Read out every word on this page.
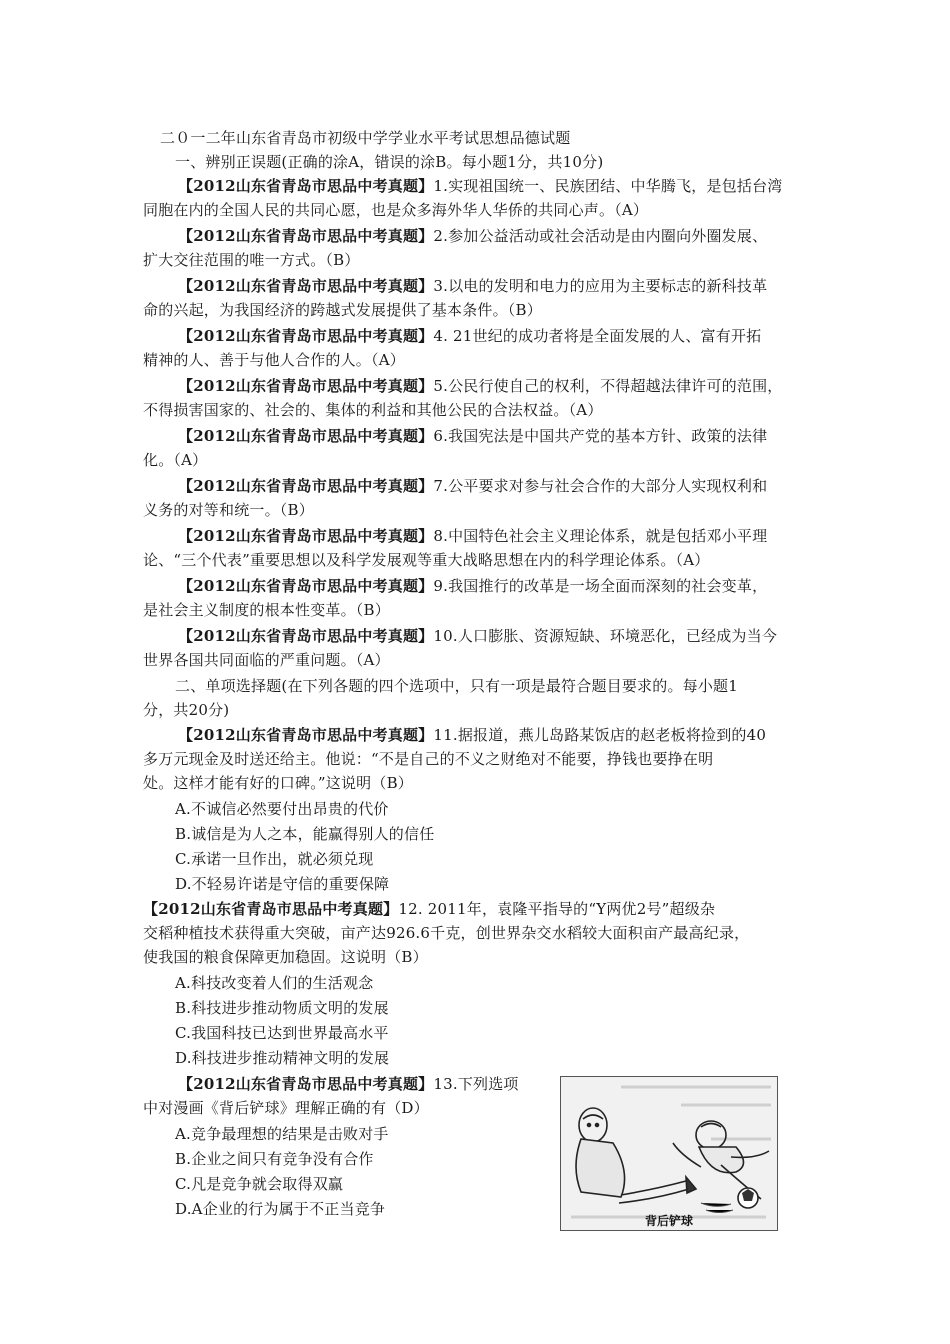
二０一二年山东省青岛市初级中学学业水平考试思想品德试题
一、辨别正误题(正确的涂A，错误的涂B。每小题1分，共10分)
【2012山东省青岛市思品中考真题】1.实现祖国统一、民族团结、中华腾飞，是包括台湾
同胞在内的全国人民的共同心愿，也是众多海外华人华侨的共同心声。（A）
【2012山东省青岛市思品中考真题】2.参加公益活动或社会活动是由内圈向外圈发展、
扩大交往范围的唯一方式。（B）
【2012山东省青岛市思品中考真题】3.以电的发明和电力的应用为主要标志的新科技革
命的兴起，为我国经济的跨越式发展提供了基本条件。（B）
【2012山东省青岛市思品中考真题】4. 21世纪的成功者将是全面发展的人、富有开拓
精神的人、善于与他人合作的人。（A）
【2012山东省青岛市思品中考真题】5.公民行使自己的权利，不得超越法律许可的范围，
不得损害国家的、社会的、集体的利益和其他公民的合法权益。（A）
【2012山东省青岛市思品中考真题】6.我国宪法是中国共产党的基本方针、政策的法律
化。（A）
【2012山东省青岛市思品中考真题】7.公平要求对参与社会合作的大部分人实现权利和
义务的对等和统一。（B）
【2012山东省青岛市思品中考真题】8.中国特色社会主义理论体系，就是包括邓小平理
论、“三个代表”重要思想以及科学发展观等重大战略思想在内的科学理论体系。（A）
【2012山东省青岛市思品中考真题】9.我国推行的改革是一场全面而深刻的社会变革，
是社会主义制度的根本性变革。（B）
【2012山东省青岛市思品中考真题】10.人口膨胀、资源短缺、环境恶化，已经成为当今
世界各国共同面临的严重问题。（A）
二、单项选择题(在下列各题的四个选项中，只有一项是最符合题目要求的。每小题1
分，共20分)
【2012山东省青岛市思品中考真题】11.据报道，燕儿岛路某饭店的赵老板将捡到的40
多万元现金及时送还给主。他说：“不是自己的不义之财绝对不能要，挣钱也要挣在明
处。这样才能有好的口碑。”这说明（B）
A.不诚信必然要付出昂贵的代价
B.诚信是为人之本，能赢得别人的信任
C.承诺一旦作出，就必须兑现
D.不轻易许诺是守信的重要保障
【2012山东省青岛市思品中考真题】12. 2011年，袁隆平指导的“Y两优2号”超级杂
交稻种植技术获得重大突破，亩产达926.6千克，创世界杂交水稻较大面积亩产最高纪录，
使我国的粮食保障更加稳固。这说明（B）
A.科技改变着人们的生活观念
B.科技进步推动物质文明的发展
C.我国科技已达到世界最高水平
D.科技进步推动精神文明的发展
【2012山东省青岛市思品中考真题】13.下列选项
中对漫画《背后铲球》理解正确的有（D）
A.竞争最理想的结果是击败对手
B.企业之间只有竞争没有合作
C.凡是竞争就会取得双赢
D.A企业的行为属于不正当竞争
背后铲球
